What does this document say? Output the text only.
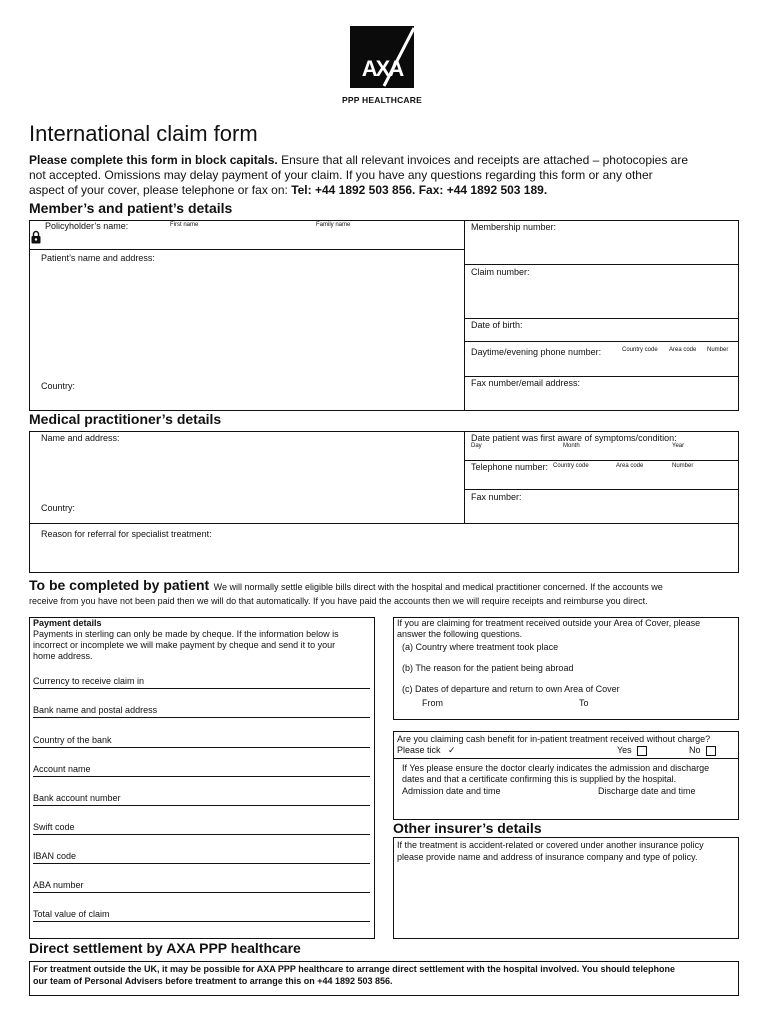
AXA
PPP HEALTHCARE
International claim form
Please complete this form in block capitals. Ensure that all relevant invoices and receipts are attached – photocopies are
not accepted. Omissions may delay payment of your claim. If you have any questions regarding this form or any other
aspect of your cover, please telephone or fax on: Tel: +44 1892 503 856. Fax: +44 1892 503 189.
Member’s and patient’s details
Policyholder’s name:	First name	Family name
Patient’s name and address:
Country:
Membership number:
Claim number:
Date of birth:
Daytime/evening phone number:	Country code Area code Number
Fax number/email address:
Medical practitioner’s details
Name and address:
Country:
Date patient was first aware of symptoms/condition:
Day	Month	Year
Telephone number: Country code	Area code	Number
Fax number:
Reason for referral for specialist treatment:
To be completed by patient We will normally settle eligible bills direct with the hospital and medical practitioner concerned. If the accounts we
receive from you have not been paid then we will do that automatically. If you have paid the accounts then we will require receipts and reimburse you direct.
Payment details
Payments in sterling can only be made by cheque. If the information below is
incorrect or incomplete we will make payment by cheque and send it to your
home address.
Currency to receive claim in
Bank name and postal address
Country of the bank
Account name
Bank account number
Swift code
IBAN code
ABA number
Total value of claim
If you are claiming for treatment received outside your Area of Cover, please
answer the following questions.
(a) Country where treatment took place
(b) The reason for the patient being abroad
(c) Dates of departure and return to own Area of Cover
From	To
Are you claiming cash benefit for in-patient treatment received without charge?
Please tick ✓	Yes	No
If Yes please ensure the doctor clearly indicates the admission and discharge
dates and that a certificate confirming this is supplied by the hospital.
Admission date and time	Discharge date and time
Other insurer’s details
If the treatment is accident-related or covered under another insurance policy
please provide name and address of insurance company and type of policy.
Direct settlement by AXA PPP healthcare
For treatment outside the UK, it may be possible for AXA PPP healthcare to arrange direct settlement with the hospital involved. You should telephone
our team of Personal Advisers before treatment to arrange this on +44 1892 503 856.
